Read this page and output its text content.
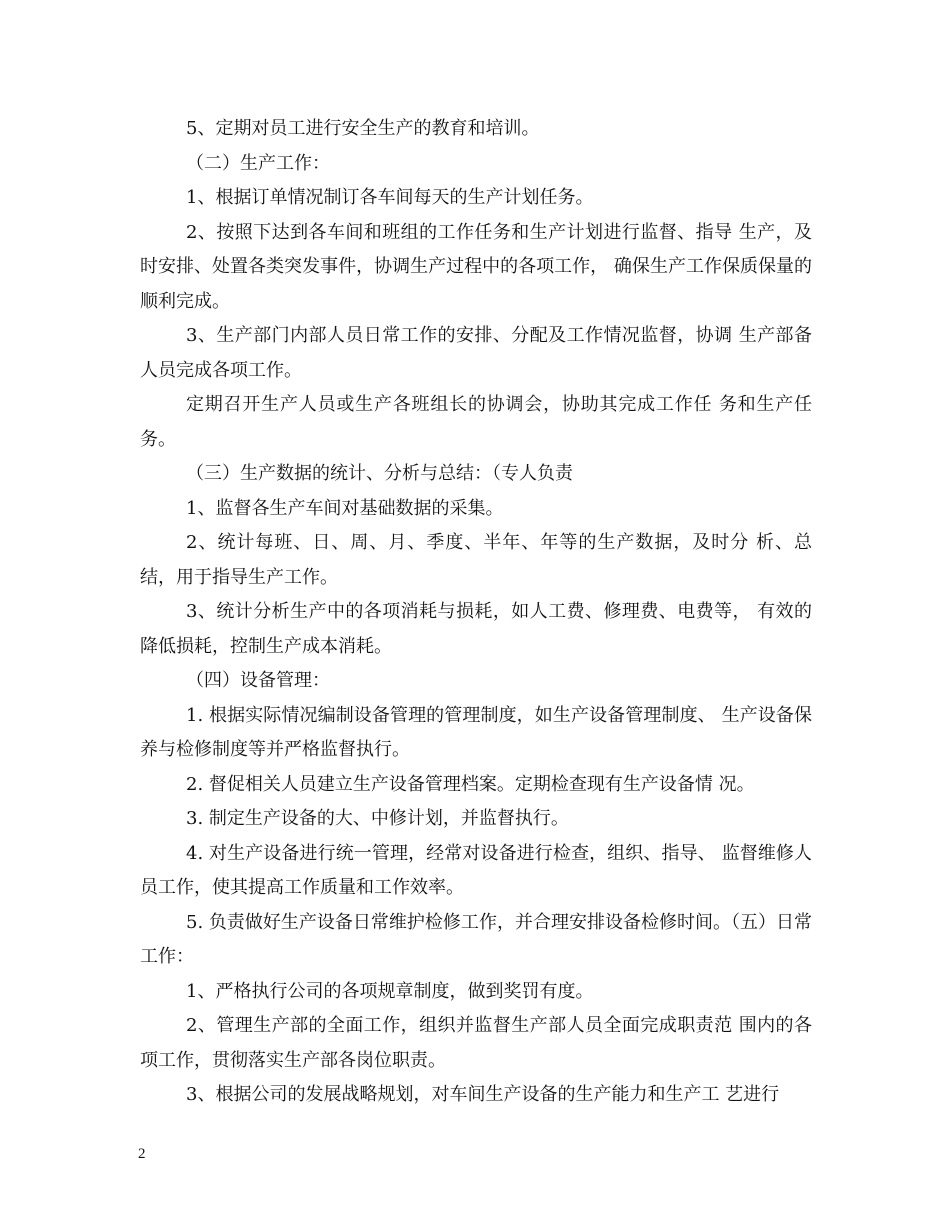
5、定期对员工进行安全生产的教育和培训。

（二）生产工作：

1、根据订单情况制订各车间每天的生产计划任务。

2、按照下达到各车间和班组的工作任务和生产计划进行监督、指导 生产，及时安排、处置各类突发事件，协调生产过程中的各项工作， 确保生产工作保质保量的顺利完成。

3、生产部门内部人员日常工作的安排、分配及工作情况监督，协调 生产部备人员完成各项工作。

定期召开生产人员或生产各班组长的协调会，协助其完成工作任 务和生产任务。

（三）生产数据的统计、分析与总结：（专人负责

1、监督各生产车间对基础数据的采集。

2、统计每班、日、周、月、季度、半年、年等的生产数据，及时分 析、总结，用于指导生产工作。

3、统计分析生产中的各项消耗与损耗，如人工费、修理费、电费等， 有效的降低损耗，控制生产成本消耗。

（四）设备管理：

1. 根据实际情况编制设备管理的管理制度，如生产设备管理制度、 生产设备保养与检修制度等并严格监督执行。

2. 督促相关人员建立生产设备管理档案。定期检查现有生产设备情 况。

3. 制定生产设备的大、中修计划，并监督执行。

4. 对生产设备进行统一管理，经常对设备进行检查，组织、指导、 监督维修人员工作，使其提高工作质量和工作效率。

5. 负责做好生产设备日常维护检修工作，并合理安排设备检修时间。（五）日常工作：

1、严格执行公司的各项规章制度，做到奖罚有度。

2、管理生产部的全面工作，组织并监督生产部人员全面完成职责范 围内的各项工作，贯彻落实生产部各岗位职责。

3、根据公司的发展战略规划，对车间生产设备的生产能力和生产工 艺进行

2
